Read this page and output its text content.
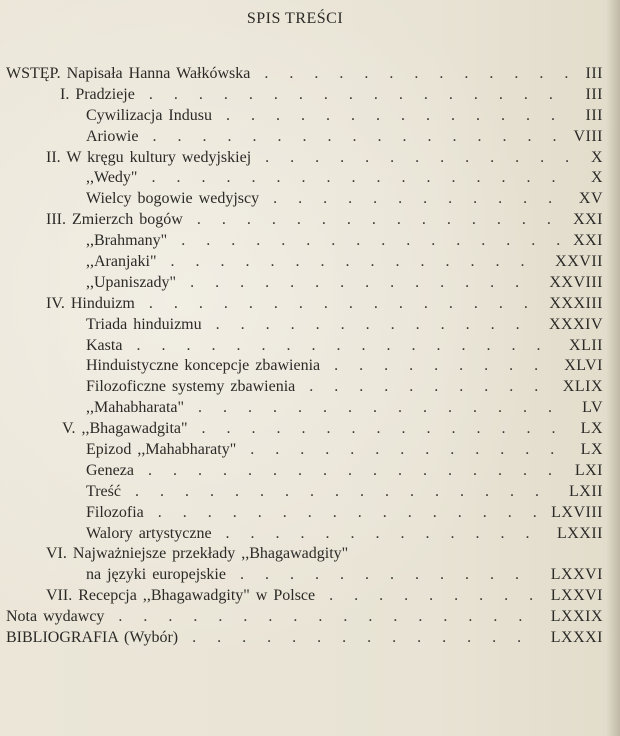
SPIS TREŚCI
WSTĘP. Napisała Hanna Wałkówska	III
. . . . . . . . . . . . .
I. Pradzieje	III
. . . . . . . . . . . . . . . . .
Cywilizacja Indusu	III
. . . . . . . . . . . . . .
Ariowie	VIII
. . . . . . . . . . . . . . . . .
II. W kręgu kultury wedyjskiej	X
. . . . . . . . . . . . .
,,Wedy"	X
. . . . . . . . . . . . . . . . .
Wielcy bogowie wedyjscy	XV
. . . . . . . . . . . .
III. Zmierzch bogów	XXI
. . . . . . . . . . . . . . .
,,Brahmany"	XXI
. . . . . . . . . . . . . . . .
,,Aranjaki"	XXVII
. . . . . . . . . . . . . . .
,,Upaniszady"	XXVIII
. . . . . . . . . . . . . .
IV. Hinduizm	XXXIII
. . . . . . . . . . . . . . . .
Triada hinduizmu	XXXIV
. . . . . . . . . . . . .
Kasta	XLII
. . . . . . . . . . . . . . . . .
Hinduistyczne koncepcje zbawienia	XLVI
. . . . . . . . .
Filozoficzne systemy zbawienia	XLIX
. . . . . . . . . .
,,Mahabharata"	LV
. . . . . . . . . . . . . . .
V. ,,Bhagawadgita"	LX
. . . . . . . . . . . . . . .
Epizod ,,Mahabharaty"	LX
. . . . . . . . . . . . .
Geneza	LXI
. . . . . . . . . . . . . . . . .
Treść	LXII
. . . . . . . . . . . . . . . . .
Filozofia	LXVIII
. . . . . . . . . . . . . . . .
Walory artystyczne	LXXII
. . . . . . . . . . . . .
VI. Najważniejsze przekłady ,,Bhagawadgity"
na języki europejskie	LXXVI
. . . . . . . . . . . .
VII. Recepcja ,,Bhagawadgity" w Polsce	LXXVI
. . . . . . . . .
Nota wydawcy	LXXIX
. . . . . . . . . . . . . . . . .
BIBLIOGRAFIA (Wybór)	LXXXI
. . . . . . . . . . . . . .
